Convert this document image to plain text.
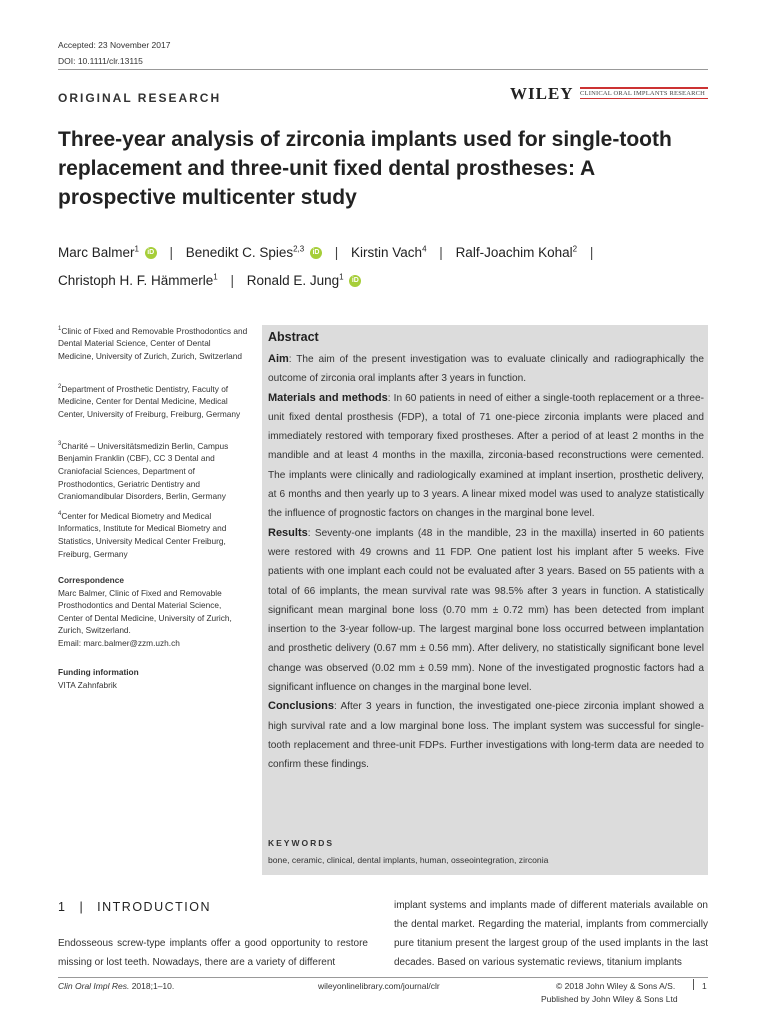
Accepted: 23 November 2017
DOI: 10.1111/clr.13115
ORIGINAL RESEARCH	WILEY CLINICAL ORAL IMPLANTS RESEARCH
Three-year analysis of zirconia implants used for single-tooth replacement and three-unit fixed dental prostheses: A prospective multicenter study
Marc Balmer$^1$ iD | Benedikt C. Spies$^{2,3}$ iD | Kirstin Vach$^4$ | Ralf-Joachim Kohal$^2$ |
Christoph H. F. Hämmerle$^1$ | Ronald E. Jung$^1$ iD
$^1$Clinic of Fixed and Removable Prosthodontics and Dental Material Science, Center of Dental Medicine, University of Zurich, Zurich, Switzerland
$^2$Department of Prosthetic Dentistry, Faculty of Medicine, Center for Dental Medicine, Medical Center, University of Freiburg, Freiburg, Germany
$^3$Charité – Universitätsmedizin Berlin, Campus Benjamin Franklin (CBF), CC 3 Dental and Craniofacial Sciences, Department of Prosthodontics, Geriatric Dentistry and Craniomandibular Disorders, Berlin, Germany
$^4$Center for Medical Biometry and Medical Informatics, Institute for Medical Biometry and Statistics, University Medical Center Freiburg, Freiburg, Germany
Correspondence
Marc Balmer, Clinic of Fixed and Removable Prosthodontics and Dental Material Science, Center of Dental Medicine, University of Zurich, Zurich, Switzerland.
Email: marc.balmer@zzm.uzh.ch
Funding information
VITA Zahnfabrik
Abstract
Aim: The aim of the present investigation was to evaluate clinically and radiographically the outcome of zirconia oral implants after 3 years in function.
Materials and methods: In 60 patients in need of either a single-tooth replacement or a three-unit fixed dental prosthesis (FDP), a total of 71 one-piece zirconia implants were placed and immediately restored with temporary fixed prostheses. After a period of at least 2 months in the mandible and at least 4 months in the maxilla, zirconia-based reconstructions were cemented. The implants were clinically and radiologically examined at implant insertion, prosthetic delivery, at 6 months and then yearly up to 3 years. A linear mixed model was used to analyze statistically the influence of prognostic factors on changes in the marginal bone level.
Results: Seventy-one implants (48 in the mandible, 23 in the maxilla) inserted in 60 patients were restored with 49 crowns and 11 FDP. One patient lost his implant after 5 weeks. Five patients with one implant each could not be evaluated after 3 years. Based on 55 patients with a total of 66 implants, the mean survival rate was 98.5% after 3 years in function. A statistically significant mean marginal bone loss (0.70 mm ± 0.72 mm) has been detected from implant insertion to the 3-year follow-up. The largest marginal bone loss occurred between implantation and prosthetic delivery (0.67 mm ± 0.56 mm). After delivery, no statistically significant bone level change was observed (0.02 mm ± 0.59 mm). None of the investigated prognostic factors had a significant influence on changes in the marginal bone level.
Conclusions: After 3 years in function, the investigated one-piece zirconia implant showed a high survival rate and a low marginal bone loss. The implant system was successful for single-tooth replacement and three-unit FDPs. Further investigations with long-term data are needed to confirm these findings.
KEYWORDS
bone, ceramic, clinical, dental implants, human, osseointegration, zirconia
1 | INTRODUCTION
Endosseous screw-type implants offer a good opportunity to restore missing or lost teeth. Nowadays, there are a variety of different
implant systems and implants made of different materials available on the dental market. Regarding the material, implants from commercially pure titanium present the largest group of the used implants in the last decades. Based on various systematic reviews, titanium implants
Clin Oral Impl Res. 2018;1–10.	wileyonlinelibrary.com/journal/clr	© 2018 John Wiley & Sons A/S.
Published by John Wiley & Sons Ltd
1
